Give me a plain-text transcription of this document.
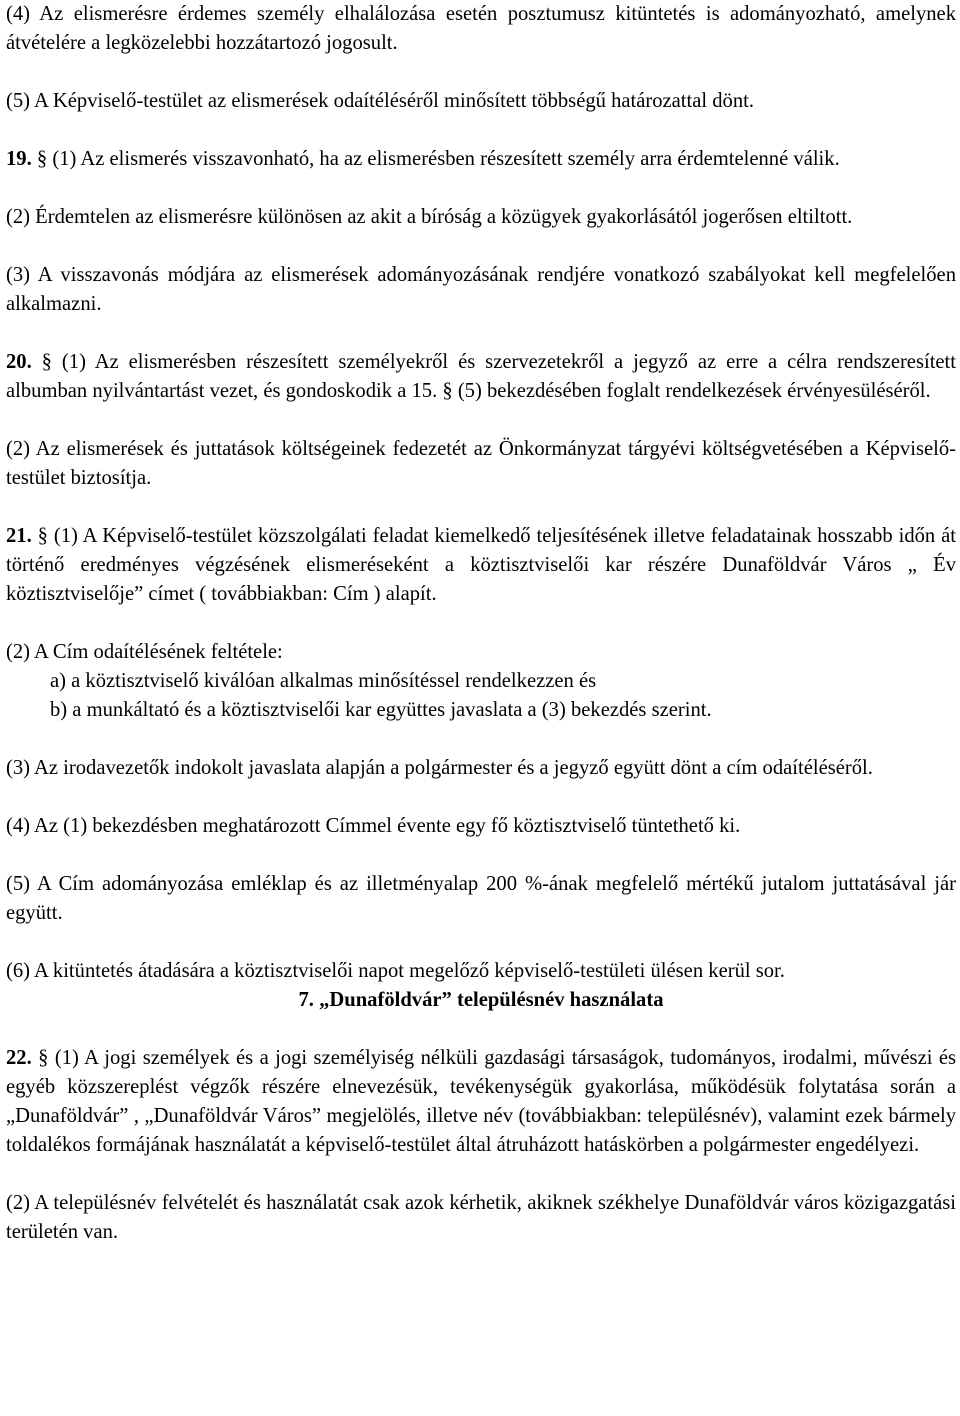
(4) Az elismerésre érdemes személy elhalálozása esetén posztumusz kitüntetés is adományozható, amelynek átvételére a legközelebbi hozzátartozó jogosult.

(5) A Képviselő-testület az elismerések odaítéléséről minősített többségű határozattal dönt.

19. § (1) Az elismerés visszavonható, ha az elismerésben részesített személy arra érdemtelenné válik.

(2) Érdemtelen az elismerésre különösen az akit a bíróság a közügyek gyakorlásától jogerősen eltiltott.

(3) A visszavonás módjára az elismerések adományozásának rendjére vonatkozó szabályokat kell megfelelően alkalmazni.

20. § (1) Az elismerésben részesített személyekről és szervezetekről a jegyző az erre a célra rendszeresített albumban nyilvántartást vezet, és gondoskodik a 15. § (5) bekezdésében foglalt rendelkezések érvényesüléséről.

(2) Az elismerések és juttatások költségeinek fedezetét az Önkormányzat tárgyévi költségvetésében a Képviselő-testület biztosítja.

21. § (1) A Képviselő-testület közszolgálati feladat kiemelkedő teljesítésének illetve feladatainak hosszabb időn át történő eredményes végzésének elismeréseként a köztisztviselői kar részére Dunaföldvár Város „ Év köztisztviselője” címet ( továbbiakban: Cím ) alapít.

(2) A Cím odaítélésének feltétele:

a) a köztisztviselő kiválóan alkalmas minősítéssel rendelkezzen és

b) a munkáltató és a köztisztviselői kar együttes javaslata a (3) bekezdés szerint.

(3) Az irodavezetők indokolt javaslata alapján a polgármester és a jegyző együtt dönt a cím odaítéléséről.

(4) Az (1) bekezdésben meghatározott Címmel évente egy fő köztisztviselő tüntethető ki.

(5) A Cím adományozása emléklap és az illetményalap 200 %-ának megfelelő mértékű jutalom juttatásával jár együtt.

(6) A kitüntetés átadására a köztisztviselői napot megelőző képviselő-testületi ülésen kerül sor.

7. „Dunaföldvár” településnév használata

22. § (1) A jogi személyek és a jogi személyiség nélküli gazdasági társaságok, tudományos, irodalmi, művészi és egyéb közszereplést végzők részére elnevezésük, tevékenységük gyakorlása, működésük folytatása során a „Dunaföldvár” , „Dunaföldvár Város” megjelölés, illetve név (továbbiakban: településnév), valamint ezek bármely toldalékos formájának használatát a képviselő-testület által átruházott hatáskörben a polgármester engedélyezi.

(2) A településnév felvételét és használatát csak azok kérhetik, akiknek székhelye Dunaföldvár város közigazgatási területén van.
